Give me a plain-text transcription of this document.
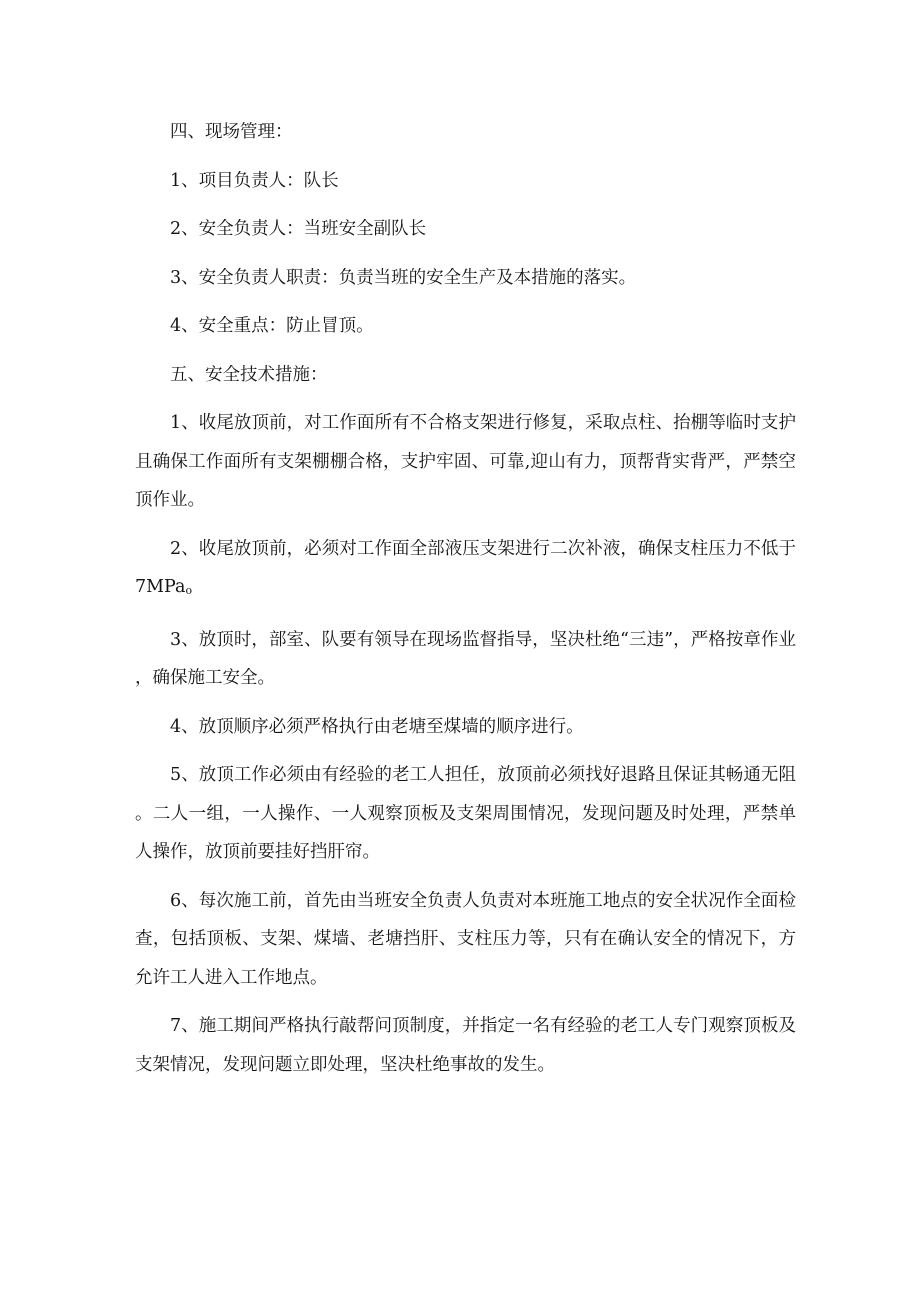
四、现场管理：

1、项目负责人：队长

2、安全负责人：当班安全副队长

3、安全负责人职责：负责当班的安全生产及本措施的落实。

4、安全重点：防止冒顶。

五、安全技术措施：

1、收尾放顶前，对工作面所有不合格支架进行修复，采取点柱、抬棚等临时支护且确保工作面所有支架棚棚合格，支护牢固、可靠,迎山有力，顶帮背实背严，严禁空顶作业。

2、收尾放顶前，必须对工作面全部液压支架进行二次补液，确保支柱压力不低于7MPao

3、放顶时，部室、队要有领导在现场监督指导，坚决杜绝“三违”，严格按章作业，确保施工安全。

4、放顶顺序必须严格执行由老塘至煤墙的顺序进行。

5、放顶工作必须由有经验的老工人担任，放顶前必须找好退路且保证其畅通无阻。二人一组，一人操作、一人观察顶板及支架周围情况，发现问题及时处理，严禁单人操作，放顶前要挂好挡肝帘。

6、每次施工前，首先由当班安全负责人负责对本班施工地点的安全状况作全面检查，包括顶板、支架、煤墙、老塘挡肝、支柱压力等，只有在确认安全的情况下，方允许工人进入工作地点。

7、施工期间严格执行敲帮问顶制度，并指定一名有经验的老工人专门观察顶板及支架情况，发现问题立即处理，坚决杜绝事故的发生。
